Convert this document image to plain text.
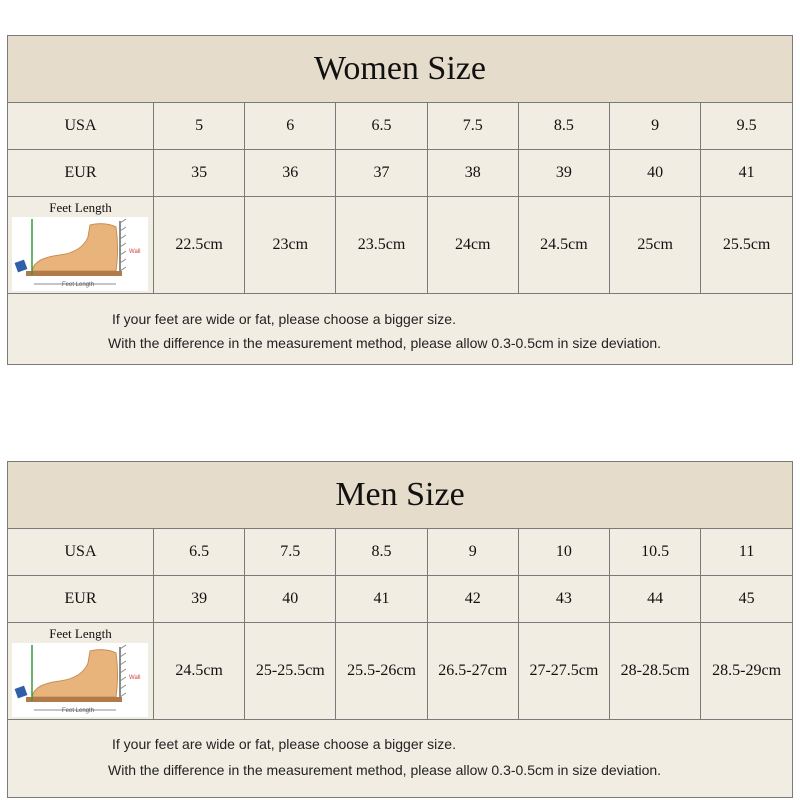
Women Size
USA	5	6	6.5	7.5	8.5	9	9.5
EUR	35	36	37	38	39	40	41

Feet Length
Wall
Feet Length	22.5cm	23cm	23.5cm	24cm	24.5cm	25cm	25.5cm
If your feet are wide or fat, please choose a bigger size.
With the difference in the measurement method, please allow 0.3-0.5cm in size deviation.
Men Size
USA	6.5	7.5	8.5	9	10	10.5	11
EUR	39	40	41	42	43	44	45

Feet Length
Wall
Feet Length	24.5cm	25-25.5cm	25.5-26cm	26.5-27cm	27-27.5cm	28-28.5cm	28.5-29cm
If your feet are wide or fat, please choose a bigger size.
With the difference in the measurement method, please allow 0.3-0.5cm in size deviation.
